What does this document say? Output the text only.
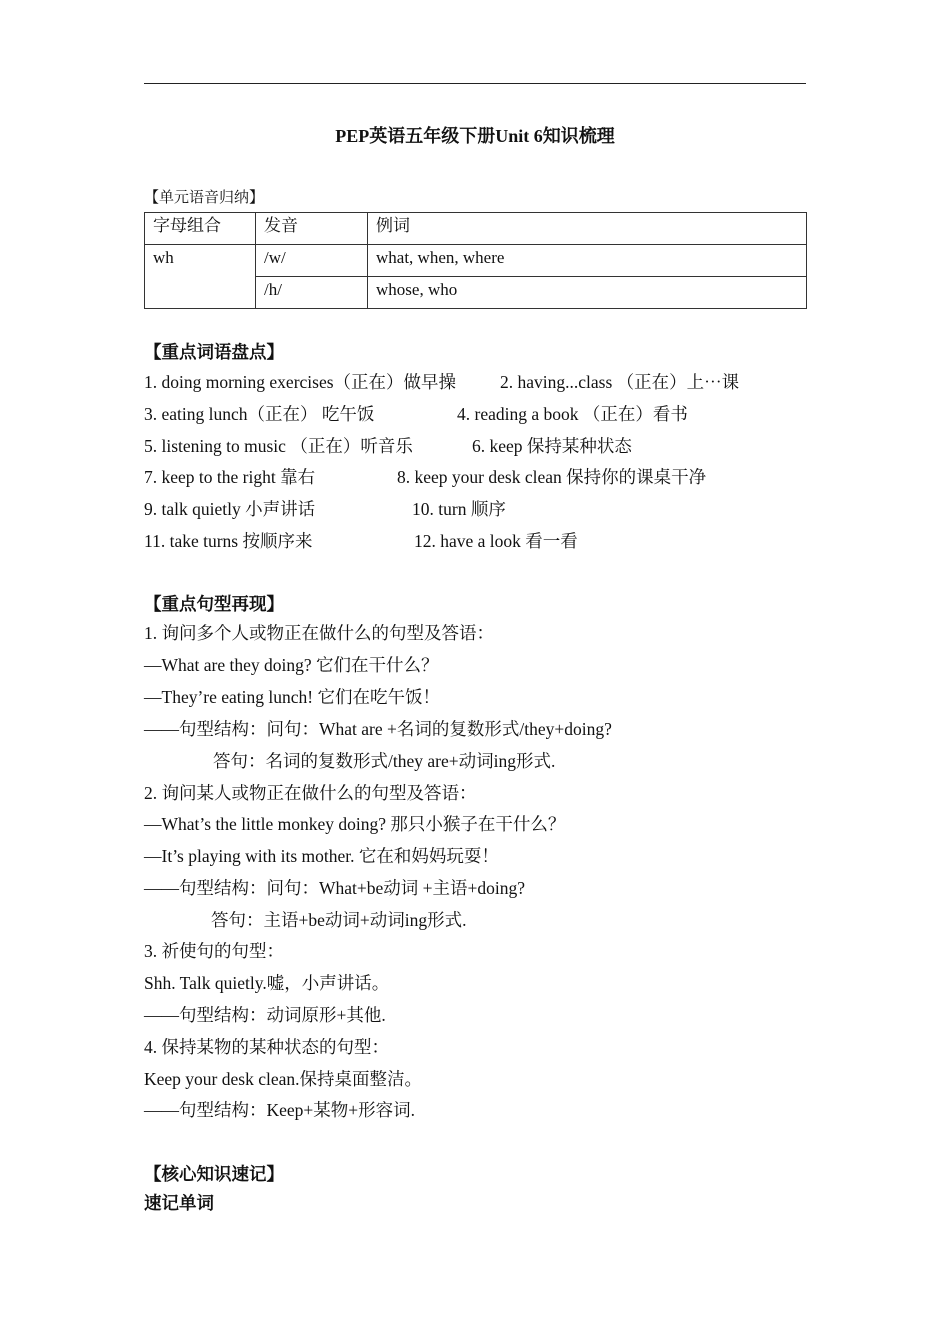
PEP英语五年级下册Unit 6知识梳理
【单元语音归纳】
字母组合	发音	例词
wh	/w/	what, when, where
	/h/	whose, who
【重点词语盘点】
1. doing morning exercises（正在）做早操	2. having...class （正在）上⋯课
3. eating lunch（正在） 吃午饭	4. reading a book （正在）看书
5. listening to music （正在）听音乐	6. keep 保持某种状态
7. keep to the right 靠右	8. keep your desk clean 保持你的课桌干净
9. talk quietly 小声讲话	10. turn 顺序
11. take turns 按顺序来	12. have a look 看一看
【重点句型再现】
1. 询问多个人或物正在做什么的句型及答语：
—What are they doing? 它们在干什么？
—They’re eating lunch! 它们在吃午饭！
——句型结构：问句：What are +名词的复数形式/they+doing?
答句：名词的复数形式/they are+动词ing形式.
2. 询问某人或物正在做什么的句型及答语：
—What’s the little monkey doing? 那只小猴子在干什么？
—It’s playing with its mother. 它在和妈妈玩耍！
——句型结构：问句：What+be动词 +主语+doing?
答句：主语+be动词+动词ing形式.
3. 祈使句的句型：
Shh. Talk quietly.嘘，小声讲话。
——句型结构：动词原形+其他.
4. 保持某物的某种状态的句型：
Keep your desk clean.保持桌面整洁。
——句型结构：Keep+某物+形容词.
【核心知识速记】
速记单词
